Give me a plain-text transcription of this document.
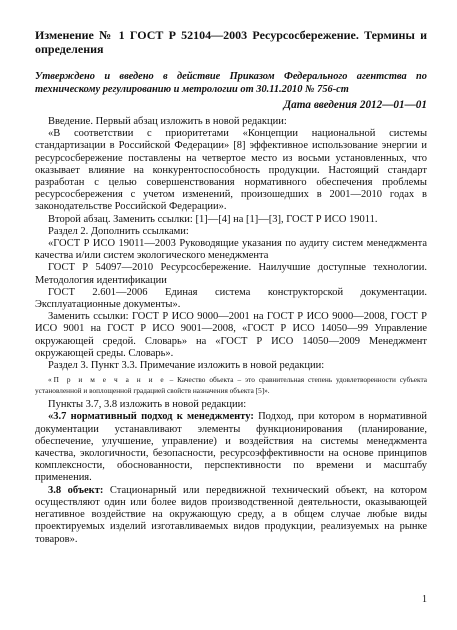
Изменение № 1 ГОСТ Р 52104—2003 Ресурсосбережение. Термины и определения

Утверждено и введено в действие Приказом Федерального агентства по техническому регулированию и метрологии от 30.11.2010 № 756-ст

Дата введения 2012—01—01

Введение. Первый абзац изложить в новой редакции:

«В соответствии с приоритетами «Концепции национальной системы стандартизации в Российской Федерации» [8] эффективное использование энергии и ресурсосбережение поставлены на четвертое место из восьми установленных, что оказывает влияние на конкурентоспособность продукции. Настоящий стандарт разработан с целью совершенствования нормативного обеспечения проблемы ресурсосбережения с учетом изменений, произошедших в 2001—2010 годах в законодательстве Российской Федерации».

Второй абзац. Заменить ссылки: [1]—[4] на [1]—[3], ГОСТ Р ИСО 19011.

Раздел 2. Дополнить ссылками:

«ГОСТ Р ИСО 19011—2003 Руководящие указания по аудиту систем менеджмента качества и/или систем экологического менеджмента

ГОСТ Р 54097—2010 Ресурсосбережение. Наилучшие доступные технологии. Методология идентификации

ГОСТ 2.601—2006 Единая система конструкторской документации. Эксплуатационные документы».

Заменить ссылки: ГОСТ Р ИСО 9000—2001 на ГОСТ Р ИСО 9000—2008, ГОСТ Р ИСО 9001 на ГОСТ Р ИСО 9001—2008, «ГОСТ Р ИСО 14050—99 Управление окружающей средой. Словарь» на «ГОСТ Р ИСО 14050—2009 Менеджмент окружающей среды. Словарь».

Раздел 3. Пункт 3.3. Примечание изложить в новой редакции:

«П р и м е ч а н и е – Качество объекта – это сравнительная степень удовлетворенности субъекта установленной и воплощенной градацией свойств назначения объекта [5]».

Пункты 3.7, 3.8 изложить в новой редакции:

«3.7 нормативный подход к менеджменту: Подход, при котором в нормативной документации устанавливают элементы функционирования (планирование, обеспечение, улучшение, управление) и воздействия на системы менеджмента качества, экологичности, безопасности, ресурсоэффективности на основе принципов комплексности, обоснованности, перспективности по времени и масштабу применения.

3.8 объект: Стационарный или передвижной технический объект, на котором осуществляют один или более видов производственной деятельности, оказывающей негативное воздействие на окружающую среду, а в общем случае любые виды проектируемых изделий изготавливаемых видов продукции, реализуемых на рынке товаров».

1
